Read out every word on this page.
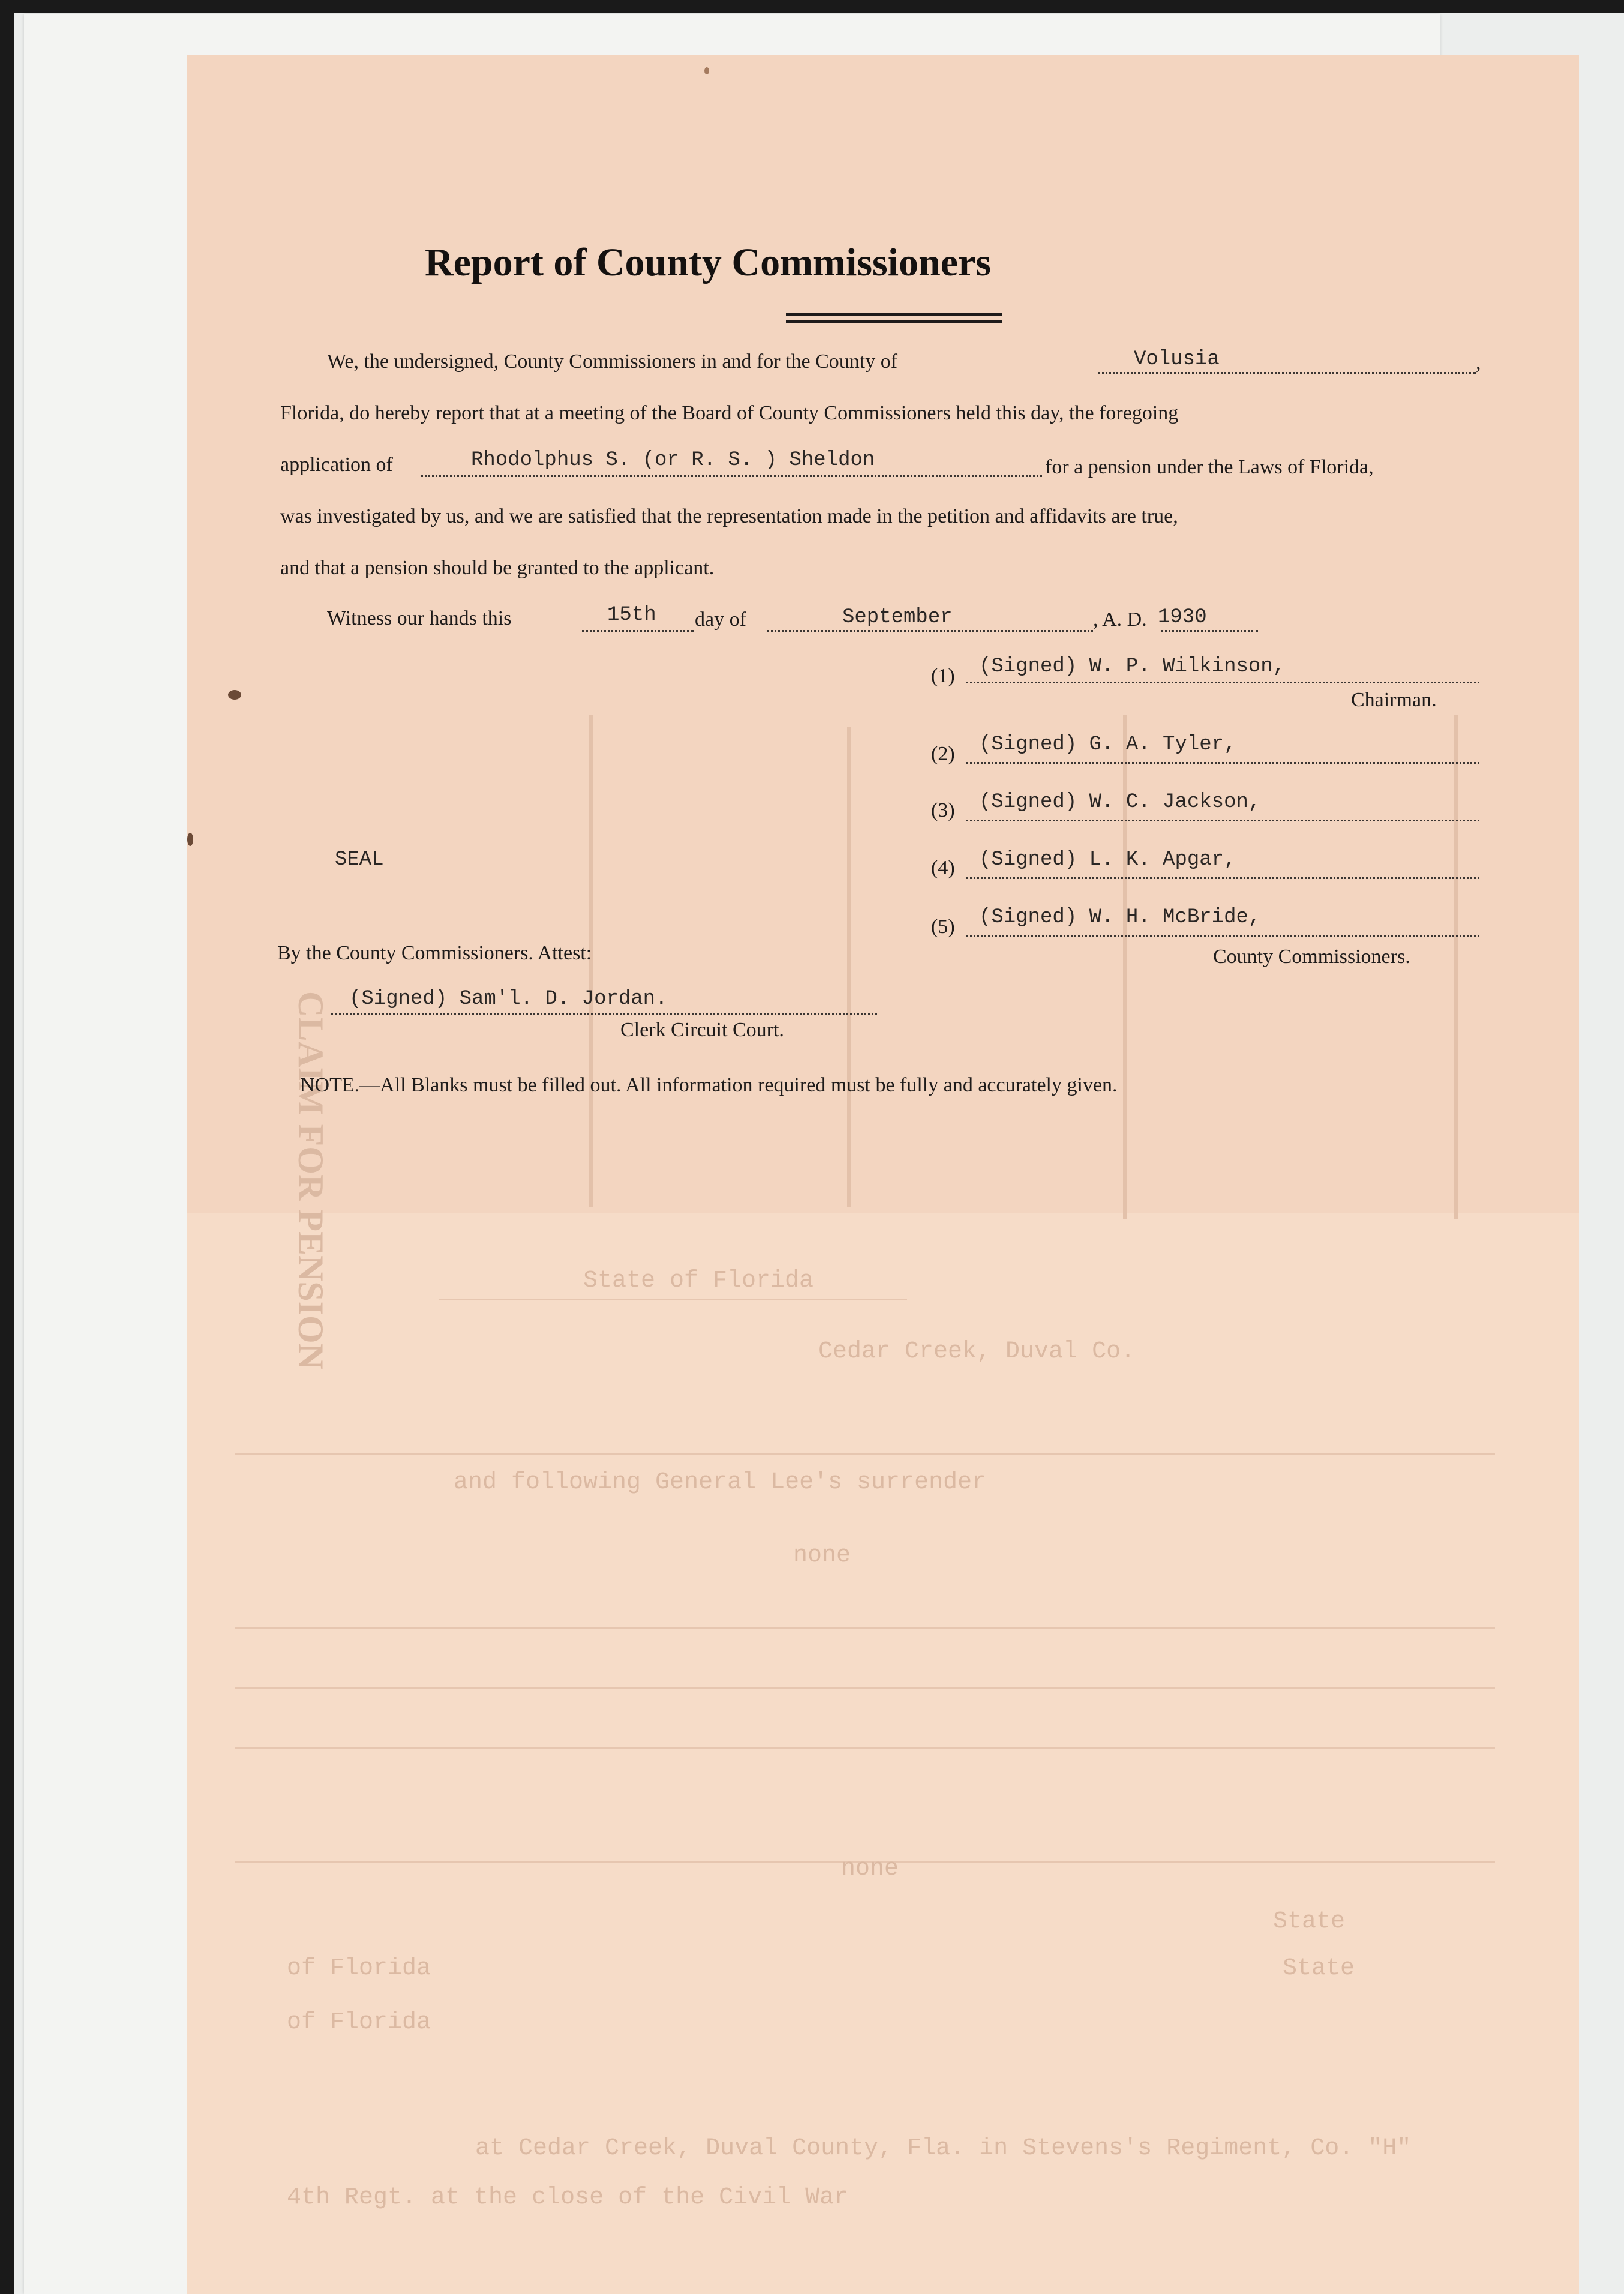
CLAIM FOR PENSION	State of Florida
Cedar Creek, Duval Co.
and following General Lee's surrender
none
none
State
of Florida	State
of Florida
at Cedar Creek, Duval County, Fla. in Stevens's Regiment, Co. "H"
4th Regt. at the close of the Civil War
Report of County Commissioners
We, the undersigned, County Commissioners in and for the County of	Volusia	,
Florida, do hereby report that at a meeting of the Board of County Commissioners held this day, the foregoing
application of	Rhodolphus S. (or R. S. ) Sheldon	for a pension under the Laws of Florida,
was investigated by us, and we are satisfied that the representation made in the petition and affidavits are true,
and that a pension should be granted to the applicant.
Witness our hands this	15th day of	September	, A. D. 1930
(1) (Signed) W. P. Wilkinson,
Chairman.
(2) (Signed) G. A. Tyler,
(3) (Signed) W. C. Jackson,
(4) (Signed) L. K. Apgar,
(5) (Signed) W. H. McBride,
County Commissioners.
SEAL
By the County Commissioners. Attest:
(Signed) Sam'l. D. Jordan.
Clerk Circuit Court.
NOTE.—All Blanks must be filled out. All information required must be fully and accurately given.
